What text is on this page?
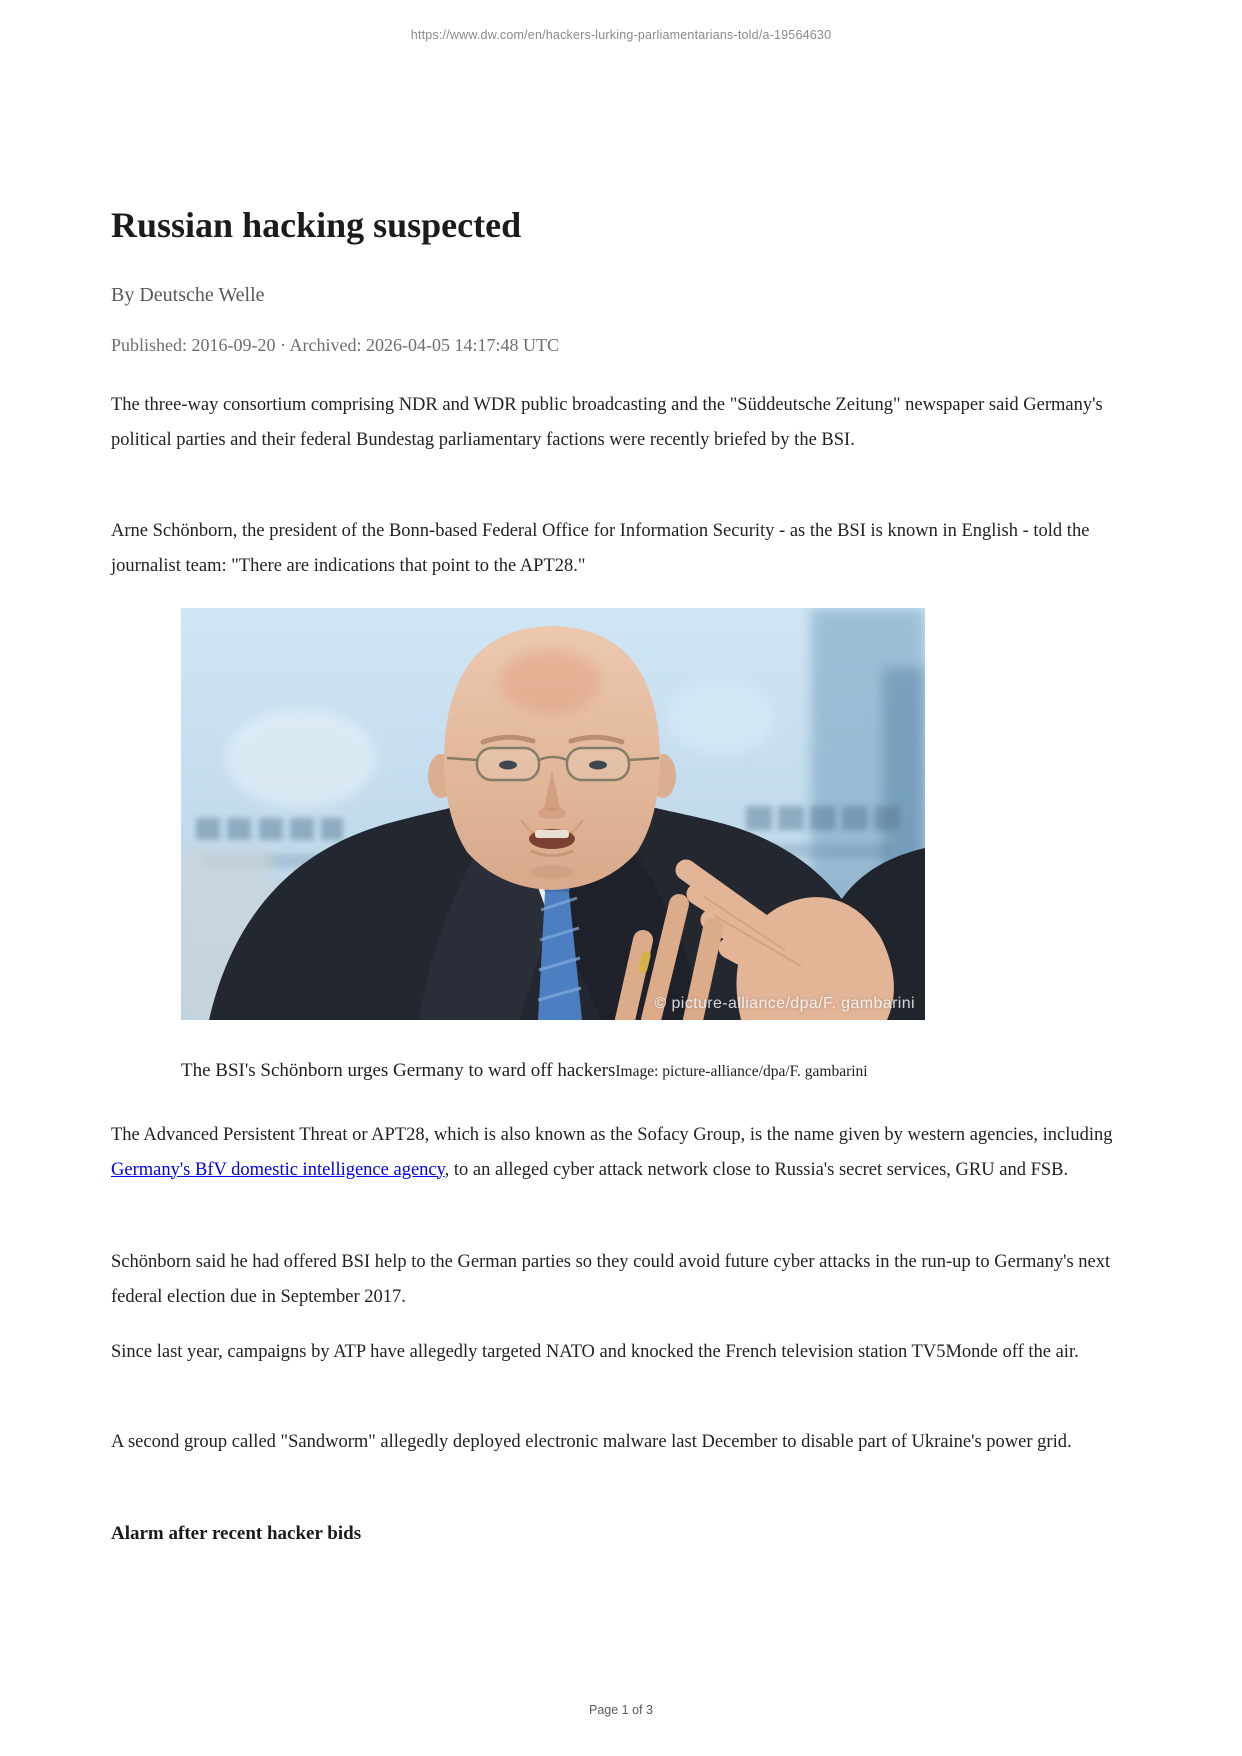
https://www.dw.com/en/hackers-lurking-parliamentarians-told/a-19564630
Russian hacking suspected
By Deutsche Welle
Published: 2016-09-20 · Archived: 2026-04-05 14:17:48 UTC

The three-way consortium comprising NDR and WDR public broadcasting and the "Süddeutsche Zeitung" newspaper said Germany's political parties and their federal Bundestag parliamentary factions were recently briefed by the BSI.

Arne Schönborn, the president of the Bonn-based Federal Office for Information Security - as the BSI is known in English - told the journalist team: "There are indications that point to the APT28."

© picture-alliance/dpa/F. gambarini
The BSI's Schönborn urges Germany to ward off hackersImage: picture-alliance/dpa/F. gambarini

The Advanced Persistent Threat or APT28, which is also known as the Sofacy Group, is the name given by western agencies, including Germany's BfV domestic intelligence agency, to an alleged cyber attack network close to Russia's secret services, GRU and FSB.

Schönborn said he had offered BSI help to the German parties so they could avoid future cyber attacks in the run-up to Germany's next federal election due in September 2017.

Since last year, campaigns by ATP have allegedly targeted NATO and knocked the French television station TV5Monde off the air.

A second group called "Sandworm" allegedly deployed electronic malware last December to disable part of Ukraine's power grid.

Alarm after recent hacker bids
Page 1 of 3
